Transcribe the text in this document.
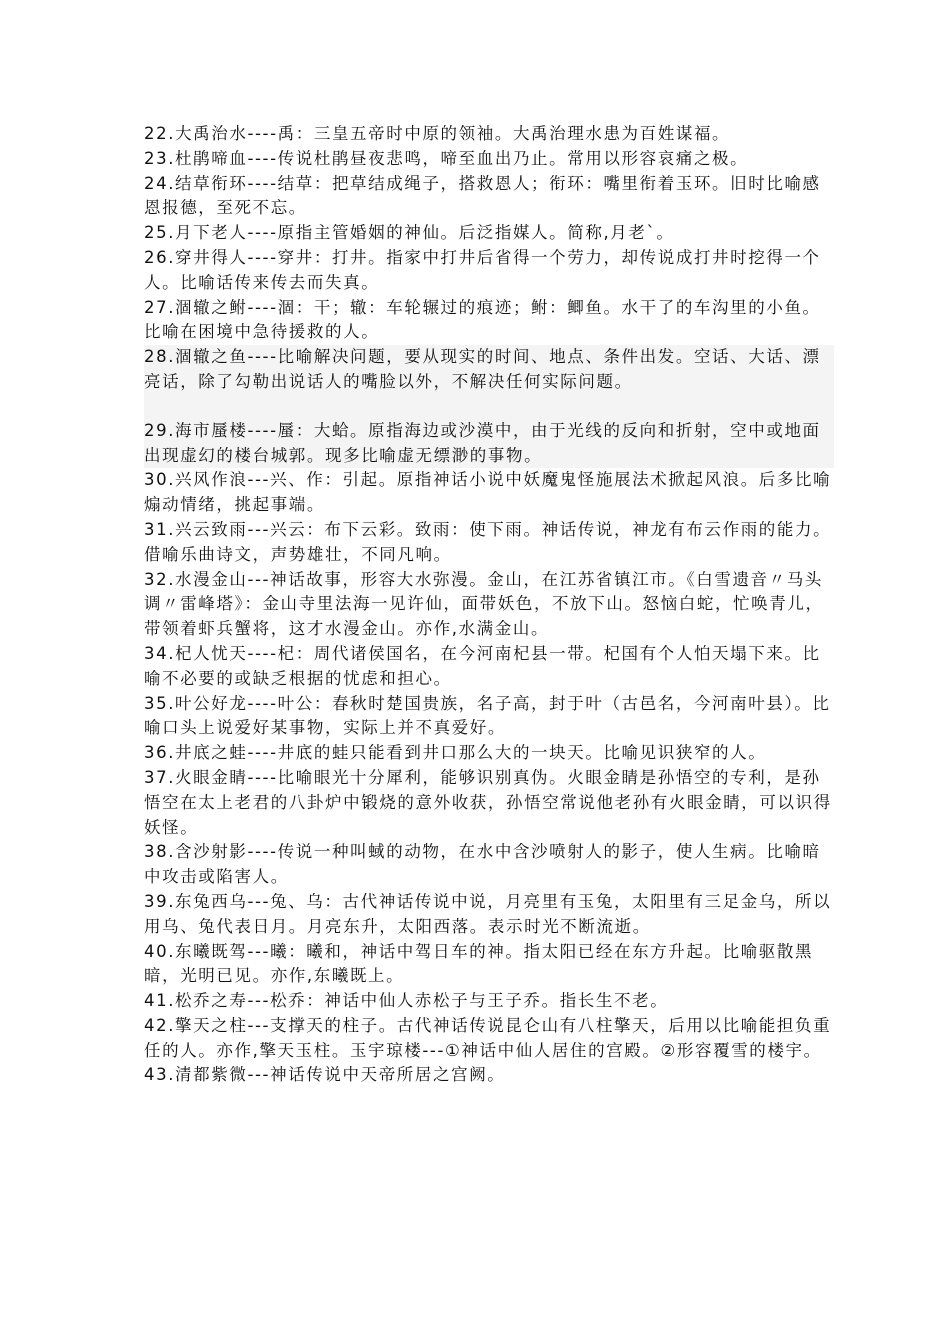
22.大禹治水----禹：三皇五帝时中原的领袖。大禹治理水患为百姓谋福。

23.杜鹃啼血----传说杜鹃昼夜悲鸣，啼至血出乃止。常用以形容哀痛之极。

24.结草衔环----结草：把草结成绳子，搭救恩人；衔环：嘴里衔着玉环。旧时比喻感恩报德，至死不忘。

25.月下老人----原指主管婚姻的神仙。后泛指媒人。简称,月老`。

26.穿井得人----穿井：打井。指家中打井后省得一个劳力，却传说成打井时挖得一个人。比喻话传来传去而失真。

27.涸辙之鲋----涸：干；辙：车轮辗过的痕迹；鲋：鲫鱼。水干了的车沟里的小鱼。比喻在困境中急待援救的人。

28.涸辙之鱼----比喻解决问题，要从现实的时间、地点、条件出发。空话、大话、漂亮话，除了勾勒出说话人的嘴脸以外，不解决任何实际问题。

29.海市蜃楼----蜃：大蛤。原指海边或沙漠中，由于光线的反向和折射，空中或地面出现虚幻的楼台城郭。现多比喻虚无缥渺的事物。

30.兴风作浪---兴、作：引起。原指神话小说中妖魔鬼怪施展法术掀起风浪。后多比喻煽动情绪，挑起事端。

31.兴云致雨---兴云：布下云彩。致雨：使下雨。神话传说，神龙有布云作雨的能力。借喻乐曲诗文，声势雄壮，不同凡响。

32.水漫金山---神话故事，形容大水弥漫。金山，在江苏省镇江市。《白雪遗音〃马头调〃雷峰塔》：金山寺里法海一见许仙，面带妖色，不放下山。怒恼白蛇，忙唤青儿，带领着虾兵蟹将，这才水漫金山。亦作,水满金山。

34.杞人忧天----杞：周代诸侯国名，在今河南杞县一带。杞国有个人怕天塌下来。比喻不必要的或缺乏根据的忧虑和担心。

35.叶公好龙----叶公：春秋时楚国贵族，名子高，封于叶（古邑名，今河南叶县）。比喻口头上说爱好某事物，实际上并不真爱好。

36.井底之蛙----井底的蛙只能看到井口那么大的一块天。比喻见识狭窄的人。

37.火眼金睛----比喻眼光十分犀利，能够识别真伪。火眼金睛是孙悟空的专利，是孙悟空在太上老君的八卦炉中锻烧的意外收获，孙悟空常说他老孙有火眼金睛，可以识得妖怪。

38.含沙射影----传说一种叫蜮的动物，在水中含沙喷射人的影子，使人生病。比喻暗中攻击或陷害人。

39.东兔西乌---兔、乌：古代神话传说中说，月亮里有玉兔，太阳里有三足金乌，所以用乌、兔代表日月。月亮东升，太阳西落。表示时光不断流逝。

40.东曦既驾---曦：曦和，神话中驾日车的神。指太阳已经在东方升起。比喻驱散黑暗，光明已见。亦作,东曦既上。

41.松乔之寿---松乔：神话中仙人赤松子与王子乔。指长生不老。

42.擎天之柱---支撑天的柱子。古代神话传说昆仑山有八柱擎天，后用以比喻能担负重任的人。亦作,擎天玉柱。玉宇琼楼---①神话中仙人居住的宫殿。②形容覆雪的楼宇。

43.清都紫微---神话传说中天帝所居之宫阙。
